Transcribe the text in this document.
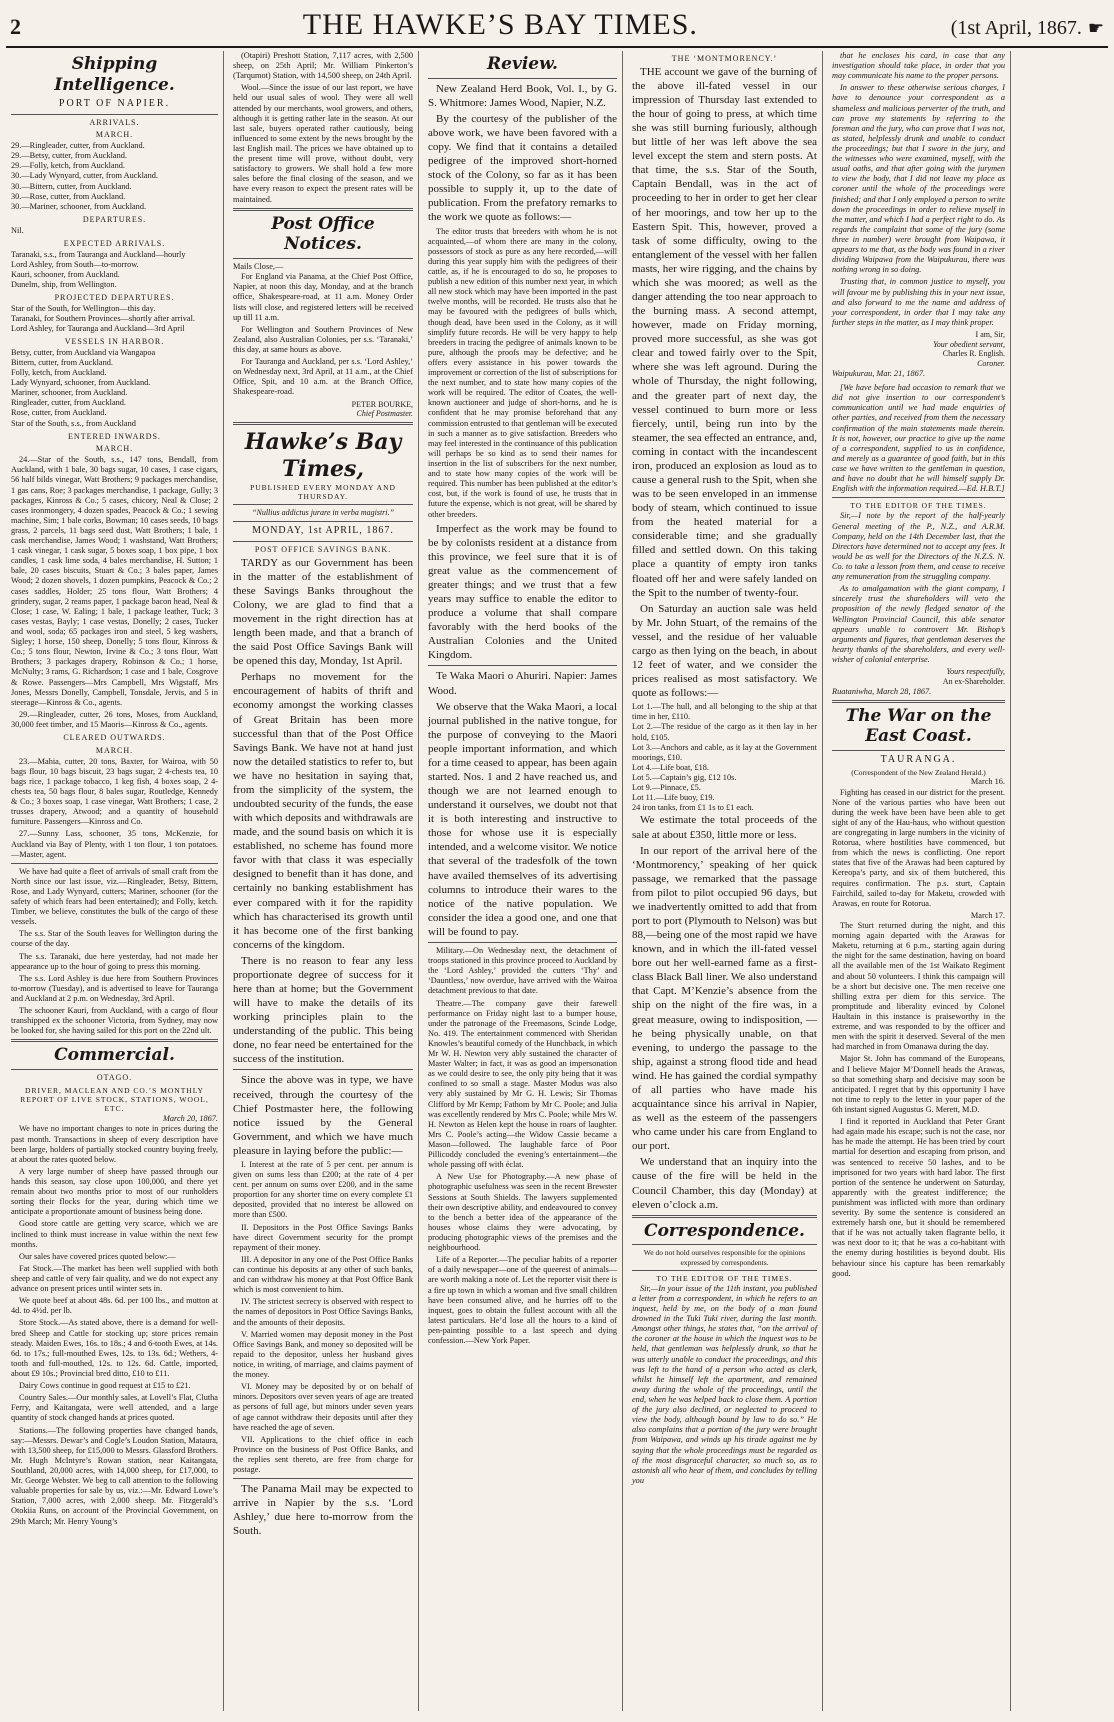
2	THE HAWKE’S BAY TIMES.	(1st April, 1867. ☛
Shipping Intelligence.
PORT OF NAPIER.
ARRIVALS.
MARCH.
29.—Ringleader, cutter, from Auckland.
29.—Betsy, cutter, from Auckland.
29.—Folly, ketch, from Auckland.
30.—Lady Wynyard, cutter, from Auckland.
30.—Bittern, cutter, from Auckland.
30.—Rose, cutter, from Auckland.
30.—Mariner, schooner, from Auckland.
DEPARTURES.
Nil.
EXPECTED ARRIVALS.
Taranaki, s.s., from Tauranga and Auckland—hourly
Lord Ashley, from South—to-morrow.
Kauri, schooner, from Auckland.
Dunelm, ship, from Wellington.
PROJECTED DEPARTURES.
Star of the South, for Wellington—this day.
Taranaki, for Southern Provinces—shortly after arrival.
Lord Ashley, for Tauranga and Auckland—3rd April
VESSELS IN HARBOR.
Betsy, cutter, from Auckland via Wangapoa
Bittern, cutter, from Auckland.
Folly, ketch, from Auckland.
Lady Wynyard, schooner, from Auckland.
Mariner, schooner, from Auckland.
Ringleader, cutter, from Auckland.
Rose, cutter, from Auckland.
Star of the South, s.s., from Auckland
ENTERED INWARDS.
MARCH.

24.—Star of the South, s.s., 147 tons, Bendall, from Auckland, with 1 bale, 30 bags sugar, 10 cases, 1 case cigars, 56 half bilds vinegar, Watt Brothers; 9 packages merchandise, 1 gas cans, Roe; 3 packages merchandise, 1 package, Gully; 3 packages, Kinross & Co.; 5 cases, chicory, Neal & Close; 2 cases ironmongery, 4 dozen spades, Peacock & Co.; 1 sewing machine, Sim; 1 bale corks, Bowman; 10 cases seeds, 10 bags grass, 2 parcels, 11 bags seed dust, Watt Brothers; 1 bale, 1 cask merchandise, James Wood; 1 washstand, Watt Brothers; 1 cask vinegar, 1 cask sugar, 5 boxes soap, 1 box pipe, 1 box candles, 1 cask lime soda, 4 bales merchandise, H. Sutton; 1 bale, 20 cases biscuits, Stuart & Co.; 3 bales paper, James Wood; 2 dozen shovels, 1 dozen pumpkins, Peacock & Co.; 2 cases saddles, Holder; 25 tons flour, Watt Brothers; 4 grindery, sugar, 2 reams paper, 1 package bacon head, Neal & Close; 1 case, W. Ealing; 1 bale, 1 package leather, Tuck; 3 cases vestas, Bayly; 1 case vestas, Donelly; 2 cases, Tucker and wool, soda; 65 packages iron and steel, 5 keg washers, Sigley; 1 horse, 150 sheep, Donelly; 5 tons flour, Kinross & Co.; 5 tons flour, Newton, Irvine & Co.; 3 tons flour, Watt Brothers; 3 packages drapery, Robinson & Co.; 1 horse, McNulty; 3 rams, G. Richardson; 1 case and 1 bale, Cosgrove & Rowe. Passengers—Mrs Campbell, Mrs Wigstaff, Mrs Jones, Messrs Donelly, Campbell, Tonsdale, Jervis, and 5 in steerage—Kinross & Co., agents.

29.—Ringleader, cutter, 26 tons, Moses, from Auckland, 30,000 feet timber, and 15 Maoris—Kinross & Co., agents.

CLEARED OUTWARDS.
MARCH.

23.—Mahia, cutter, 20 tons, Baxter, for Wairoa, with 50 bags flour, 10 bags biscuit, 23 bags sugar, 2 4-chests tea, 10 bags rice, 1 package tobacco, 1 keg fish, 4 boxes soap, 2 4-chests tea, 50 bags flour, 8 bales sugar, Routledge, Kennedy & Co.; 3 boxes soap, 1 case vinegar, Watt Brothers; 1 case, 2 trusses drapery, Atwood; and a quantity of household furniture. Passengers—Kinross and Co.

27.—Sunny Lass, schooner, 35 tons, McKenzie, for Auckland via Bay of Plenty, with 1 ton flour, 1 ton potatoes.—Master, agent.

We have had quite a fleet of arrivals of small craft from the North since our last issue, viz.—Ringleader, Betsy, Bittern, Rose, and Lady Wynyard, cutters; Mariner, schooner (for the safety of which fears had been entertained); and Folly, ketch. Timber, we believe, constitutes the bulk of the cargo of these vessels.

The s.s. Star of the South leaves for Wellington during the course of the day.

The s.s. Taranaki, due here yesterday, had not made her appearance up to the hour of going to press this morning.

The s.s. Lord Ashley is due here from Southern Provinces to-morrow (Tuesday), and is advertised to leave for Tauranga and Auckland at 2 p.m. on Wednesday, 3rd April.

The schooner Kauri, from Auckland, with a cargo of flour transhipped ex the schooner Victoria, from Sydney, may now be looked for, she having sailed for this port on the 22nd ult.

Commercial.
OTAGO.
DRIVER, MACLEAN AND CO.’S MONTHLY REPORT OF LIVE STOCK, STATIONS, WOOL, ETC.
March 20, 1867.

We have no important changes to note in prices during the past month. Transactions in sheep of every description have been large, holders of partially stocked country buying freely, at about the rates quoted below.

A very large number of sheep have passed through our hands this season, say close upon 100,000, and there yet remain about two months prior to most of our runholders sorting their flocks for the year, during which time we anticipate a proportionate amount of business being done.

Good store cattle are getting very scarce, which we are inclined to think must increase in value within the next few months.

Our sales have covered prices quoted below:—

Fat Stock.—The market has been well supplied with both sheep and cattle of very fair quality, and we do not expect any advance on present prices until winter sets in.

We quote beef at about 48s. 6d. per 100 lbs., and mutton at 4d. to 4½d. per lb.

Store Stock.—As stated above, there is a demand for well-bred Sheep and Cattle for stocking up; store prices remain steady. Maiden Ewes, 16s. to 18s.; 4 and 6-tooth Ewes, at 14s. 6d. to 17s.; full-mouthed Ewes, 12s. to 13s. 6d.; Wethers, 4-tooth and full-mouthed, 12s. to 12s. 6d. Cattle, imported, about £9 10s.; Provincial bred ditto, £10 to £11.

Dairy Cows continue in good request at £15 to £21.

Country Sales.—Our monthly sales, at Lovell’s Flat, Clutha Ferry, and Kaitangata, were well attended, and a large quantity of stock changed hands at prices quoted.

Stations.—The following properties have changed hands, say:—Messrs. Dewar’s and Cogle’s Loudon Station, Mataura, with 13,500 sheep, for £15,000 to Messrs. Glassford Brothers. Mr. Hugh McIntyre’s Rowan station, near Kaitangata, Southland, 20,000 acres, with 14,000 sheep, for £17,000, to Mr. George Webster. We beg to call attention to the following valuable properties for sale by us, viz.:—Mr. Edward Lowe’s Station, 7,000 acres, with 2,000 sheep. Mr. Fitzgerald’s Otokiia Runs, on account of the Provincial Government, on 29th March; Mr. Henry Young’s

(Otapiri) Preshott Station, 7,117 acres, with 2,500 sheep, on 25th April; Mr. William Pinkerton’s (Tarqumot) Station, with 14,500 sheep, on 24th April.

Wool.—Since the issue of our last report, we have held our usual sales of wool. They were all well attended by our merchants, wool growers, and others, although it is getting rather late in the season. At our last sale, buyers operated rather cautiously, being influenced to some extent by the news brought by the last English mail. The prices we have obtained up to the present time will prove, without doubt, very satisfactory to growers. We shall hold a few more sales before the final closing of the season, and we have every reason to expect the present rates will be maintained.

Post Office Notices.
Mails Close,—

For England via Panama, at the Chief Post Office, Napier, at noon this day, Monday, and at the branch office, Shakespeare-road, at 11 a.m. Money Order lists will close, and registered letters will be received up till 11 a.m.

For Wellington and Southern Provinces of New Zealand, also Australian Colonies, per s.s. ‘Taranaki,’ this day, at same hours as above.

For Tauranga and Auckland, per s.s. ‘Lord Ashley,’ on Wednesday next, 3rd April, at 11 a.m., at the Chief Office, Spit, and 10 a.m. at the Branch Office, Shakespeare-road.

PETER BOURKE,
Chief Postmaster.
Hawke’s Bay Times,
PUBLISHED EVERY MONDAY AND THURSDAY.
“Nullius addictus jurare in verba magistri.”
MONDAY, 1st APRIL, 1867.
POST OFFICE SAVINGS BANK.

TARDY as our Government has been in the matter of the establishment of these Savings Banks throughout the Colony, we are glad to find that a movement in the right direction has at length been made, and that a branch of the said Post Office Savings Bank will be opened this day, Monday, 1st April.

Perhaps no movement for the encouragement of habits of thrift and economy amongst the working classes of Great Britain has been more successful than that of the Post Office Savings Bank. We have not at hand just now the detailed statistics to refer to, but we have no hesitation in saying that, from the simplicity of the system, the undoubted security of the funds, the ease with which deposits and withdrawals are made, and the sound basis on which it is established, no scheme has found more favor with that class it was especially designed to benefit than it has done, and certainly no banking establishment has ever compared with it for the rapidity which has characterised its growth until it has become one of the first banking concerns of the kingdom.

There is no reason to fear any less proportionate degree of success for it here than at home; but the Government will have to make the details of its working principles plain to the understanding of the public. This being done, no fear need be entertained for the success of the institution.

Since the above was in type, we have received, through the courtesy of the Chief Postmaster here, the following notice issued by the General Government, and which we have much pleasure in laying before the public:—

I. Interest at the rate of 5 per cent. per annum is given on sums less than £200; at the rate of 4 per cent. per annum on sums over £200, and in the same proportion for any shorter time on every complete £1 deposited, provided that no interest be allowed on more than £500.

II. Depositors in the Post Office Savings Banks have direct Government security for the prompt repayment of their money.

III. A depositor in any one of the Post Office Banks can continue his deposits at any other of such banks, and can withdraw his money at that Post Office Bank which is most convenient to him.

IV. The strictest secrecy is observed with respect to the names of depositors in Post Office Savings Banks, and the amounts of their deposits.

V. Married women may deposit money in the Post Office Savings Bank, and money so deposited will be repaid to the depositor, unless her husband gives notice, in writing, of marriage, and claims payment of the money.

VI. Money may be deposited by or on behalf of minors. Depositors over seven years of age are treated as persons of full age, but minors under seven years of age cannot withdraw their deposits until after they have reached the age of seven.

VII. Applications to the chief office in each Province on the business of Post Office Banks, and the replies sent thereto, are free from charge for postage.

The Panama Mail may be expected to arrive in Napier by the s.s. ‘Lord Ashley,’ due here to-morrow from the South.

Review.

New Zealand Herd Book, Vol. I., by G. S. Whitmore: James Wood, Napier, N.Z.

By the courtesy of the publisher of the above work, we have been favored with a copy. We find that it contains a detailed pedigree of the improved short-horned stock of the Colony, so far as it has been possible to supply it, up to the date of publication. From the prefatory remarks to the work we quote as follows:—

The editor trusts that breeders with whom he is not acquainted,—of whom there are many in the colony, possessors of stock as pure as any here recorded,—will during this year supply him with the pedigrees of their cattle, as, if he is encouraged to do so, he proposes to publish a new edition of this number next year, in which all new stock which may have been imported in the past twelve months, will be recorded. He trusts also that he may be favoured with the pedigrees of bulls which, though dead, have been used in the Colony, as it will simplify future records. He will be very happy to help breeders in tracing the pedigree of animals known to be pure, although the proofs may be defective; and he offers every assistance in his power towards the improvement or correction of the list of subscriptions for the next number, and to state how many copies of the work will be required. The editor of Coates, the well-known auctioneer and judge of short-horns, and he is confident that he may promise beforehand that any commission entrusted to that gentleman will be executed in such a manner as to give satisfaction. Breeders who may feel interested in the continuance of this publication will perhaps be so kind as to send their names for insertion in the list of subscribers for the next number, and to state how many copies of the work will be required. This number has been published at the editor’s cost, but, if the work is found of use, he trusts that in future the expense, which is not great, will be shared by other breeders.

Imperfect as the work may be found to be by colonists resident at a distance from this province, we feel sure that it is of great value as the commencement of greater things; and we trust that a few years may suffice to enable the editor to produce a volume that shall compare favorably with the herd books of the Australian Colonies and the United Kingdom.

Te Waka Maori o Ahuriri. Napier: James Wood.

We observe that the Waka Maori, a local journal published in the native tongue, for the purpose of conveying to the Maori people important information, and which for a time ceased to appear, has been again started. Nos. 1 and 2 have reached us, and though we are not learned enough to understand it ourselves, we doubt not that it is both interesting and instructive to those for whose use it is especially intended, and a welcome visitor. We notice that several of the tradesfolk of the town have availed themselves of its advertising columns to introduce their wares to the notice of the native population. We consider the idea a good one, and one that will be found to pay.

Military.—On Wednesday next, the detachment of troops stationed in this province proceed to Auckland by the ‘Lord Ashley,’ provided the cutters ‘Thy’ and ‘Dauntless,’ now overdue, have arrived with the Wairoa detachment previous to that date.

Theatre.—The company gave their farewell performance on Friday night last to a bumper house, under the patronage of the Freemasons, Scinde Lodge, No. 419. The entertainment commenced with Sheridan Knowles’s beautiful comedy of the Hunchback, in which Mr W. H. Newton very ably sustained the character of Master Walter; in fact, it was as good an impersonation as we could desire to see, the only pity being that it was confined to so small a stage. Master Modus was also very ably sustained by Mr G. H. Lewis; Sir Thomas Clifford by Mr Kemp; Fathom by Mr C. Poole; and Julia was excellently rendered by Mrs C. Poole; while Mrs W. H. Newton as Helen kept the house in roars of laughter. Mrs C. Poole’s acting—the Widow Cassie became a Mason—followed. The laughable farce of Poor Pillicoddy concluded the evening’s entertainment—the whole passing off with éclat.

A New Use for Photography.—A new phase of photographic usefulness was seen in the recent Brewster Sessions at South Shields. The lawyers supplemented their own descriptive ability, and endeavoured to convey to the bench a better idea of the appearance of the houses whose claims they were advocating, by producing photographic views of the premises and the neighbourhood.

Life of a Reporter.—The peculiar habits of a reporter of a daily newspaper—one of the queerest of animals—are worth making a note of. Let the reporter visit there is a fire up town in which a woman and five small children have been consumed alive, and he hurries off to the inquest, goes to obtain the fullest account with all the latest particulars. He’d lose all the hours to a kind of pen-painting possible to a last speech and dying confession.—New York Paper.

THE ‘MONTMORENCY.’

THE account we gave of the burning of the above ill-fated vessel in our impression of Thursday last extended to the hour of going to press, at which time she was still burning furiously, although but little of her was left above the sea level except the stem and stern posts. At that time, the s.s. Star of the South, Captain Bendall, was in the act of proceeding to her in order to get her clear of her moorings, and tow her up to the Eastern Spit. This, however, proved a task of some difficulty, owing to the entanglement of the vessel with her fallen masts, her wire rigging, and the chains by which she was moored; as well as the danger attending the too near approach to the burning mass. A second attempt, however, made on Friday morning, proved more successful, as she was got clear and towed fairly over to the Spit, where she was left aground. During the whole of Thursday, the night following, and the greater part of next day, the vessel continued to burn more or less fiercely, until, being run into by the steamer, the sea effected an entrance, and, coming in contact with the incandescent iron, produced an explosion as loud as to cause a general rush to the Spit, when she was to be seen enveloped in an immense body of steam, which continued to issue from the heated material for a considerable time; and she gradually filled and settled down. On this taking place a quantity of empty iron tanks floated off her and were safely landed on the Spit to the number of twenty-four.

On Saturday an auction sale was held by Mr. John Stuart, of the remains of the vessel, and the residue of her valuable cargo as then lying on the beach, in about 12 feet of water, and we consider the prices realised as most satisfactory. We quote as follows:—

Lot 1.—The hull, and all belonging to the ship at that time in her, £110.
Lot 2.—The residue of the cargo as it then lay in her hold, £105.
Lot 3.—Anchors and cable, as it lay at the Government moorings, £10.
Lot 4.—Life boat, £18.
Lot 5.—Captain’s gig, £12 10s.
Lot 9.—Pinnace, £5.
Lot 11.—Life buoy, £19.
24 iron tanks, from £1 1s to £1 each.

We estimate the total proceeds of the sale at about £350, little more or less.

In our report of the arrival here of the ‘Montmorency,’ speaking of her quick passage, we remarked that the passage from pilot to pilot occupied 96 days, but we inadvertently omitted to add that from port to port (Plymouth to Nelson) was but 88,—being one of the most rapid we have known, and in which the ill-fated vessel bore out her well-earned fame as a first-class Black Ball liner. We also understand that Capt. M’Kenzie’s absence from the ship on the night of the fire was, in a great measure, owing to indisposition, —he being physically unable, on that evening, to undergo the passage to the ship, against a strong flood tide and head wind. He has gained the cordial sympathy of all parties who have made his acquaintance since his arrival in Napier, as well as the esteem of the passengers who came under his care from England to our port.

We understand that an inquiry into the cause of the fire will be held in the Council Chamber, this day (Monday) at eleven o’clock a.m.

Correspondence.
We do not hold ourselves responsible for the opinions expressed by correspondents.
TO THE EDITOR OF THE TIMES.

Sir,—In your issue of the 11th instant, you published a letter from a correspondent, in which he refers to an inquest, held by me, on the body of a man found drowned in the Tuki Tuki river, during the last month. Amongst other things, he states that, “on the arrival of the coroner at the house in which the inquest was to be held, that gentleman was helplessly drunk, so that he was utterly unable to conduct the proceedings, and this was left to the hand of a person who acted as clerk, whilst he himself left the apartment, and remained away during the whole of the proceedings, until the end, when he was helped back to close them. A portion of the jury also declined, or neglected to proceed to view the body, although bound by law to do so.” He also complains that a portion of the jury were brought from Waipawa, and winds up his tirade against me by saying that the whole proceedings must be regarded as of the most disgraceful character, so much so, as to astonish all who hear of them, and concludes by telling you

that he encloses his card, in case that any investigation should take place, in order that you may communicate his name to the proper persons.

In answer to these otherwise serious charges, I have to denounce your correspondent as a shameless and malicious perverter of the truth, and can prove my statements by referring to the foreman and the jury, who can prove that I was not, as stated, helplessly drunk and unable to conduct the proceedings; but that I swore in the jury, and the witnesses who were examined, myself, with the usual oaths, and that after going with the jurymen to view the body, that I did not leave my place as coroner until the whole of the proceedings were finished; and that I only employed a person to write down the proceedings in order to relieve myself in the matter, and which I had a perfect right to do. As regards the complaint that some of the jury (some three in number) were brought from Waipawa, it appears to me that, as the body was found in a river dividing Waipawa from the Waipukurau, there was nothing wrong in so doing.

Trusting that, in common justice to myself, you will favour me by publishing this in your next issue, and also forward to me the name and address of your correspondent, in order that I may take any further steps in the matter, as I may think proper.

I am, Sir,
Your obedient servant,
Charles R. English.
Coroner.
Waipukurau, Mar. 21, 1867.

[We have before had occasion to remark that we did not give insertion to our correspondent’s communication until we had made enquiries of other parties, and received from them the necessary confirmation of the main statements made therein. It is not, however, our practice to give up the name of a correspondent, supplied to us in confidence, and merely as a guarantee of good faith, but in this case we have written to the gentleman in question, and have no doubt that he will himself supply Dr. English with the information required.—Ed. H.B.T.]

TO THE EDITOR OF THE TIMES.

Sir,—I note by the report of the half-yearly General meeting of the P., N.Z., and A.R.M. Company, held on the 14th December last, that the Directors have determined not to accept any fees. It would be as well for the Directors of the N.Z.S. N. Co. to take a lesson from them, and cease to receive any remuneration from the struggling company.

As to amalgamation with the giant company, I sincerely trust the shareholders will veto the proposition of the newly fledged senator of the Wellington Provincial Council, this able senator appears unable to controvert Mr. Bishop’s arguments and figures, that gentleman deserves the hearty thanks of the shareholders, and every well-wisher of colonial enterprise.

Yours respectfully,
An ex-Shareholder.
Ruataniwha, March 28, 1867.
The War on the East Coast.
TAURANGA.
(Correspondent of the New Zealand Herald.)
March 16.

Fighting has ceased in our district for the present. None of the various parties who have been out during the week have been have been able to get sight of any of the Hau-haus, who without question are congregating in large numbers in the vicinity of Rotorua, where hostilities have commenced, but from which the news is conflicting. One report states that five of the Arawas had been captured by Kereopa’s party, and six of them butchered, this requires confirmation. The p.s. sturt, Captain Fairchild, sailed to-day for Maketu, crowded with Arawas, en route for Rotorua.

March 17.

The Sturt returned during the night, and this morning again departed with the Arawas for Maketu, returning at 6 p.m., starting again during the night for the same destination, having on board all the available men of the 1st Waikato Regiment and about 50 volunteers. I think this campaign will be a short but decisive one. The men receive one shilling extra per diem for this service. The promptitude and liberality evinced by Colonel Haultain in this instance is praiseworthy in the extreme, and was responded to by the officer and men with the spirit it deserved. Several of the men had marched in from Omanawa during the day.

Major St. John has command of the Europeans, and I believe Major M’Donnell heads the Arawas, so that something sharp and decisive may soon be anticipated. I regret that by this opportunity I have not time to reply to the letter in your paper of the 6th instant signed Augustus G. Merett, M.D.

I find it reported in Auckland that Peter Grant had again made his escape; such is not the case, nor has he made the attempt. He has been tried by court martial for desertion and escaping from prison, and was sentenced to receive 50 lashes, and to be imprisoned for two years with hard labor. The first portion of the sentence he underwent on Saturday, apparently with the greatest indifference; the punishment was inflicted with more than ordinary severity. By some the sentence is considered an extremely harsh one, but it should be remembered that if he was not actually taken flagrante bello, it was next door to it; that he was a co-habitant with the enemy during hostilities is beyond doubt. His behaviour since his capture has been remarkably good.
